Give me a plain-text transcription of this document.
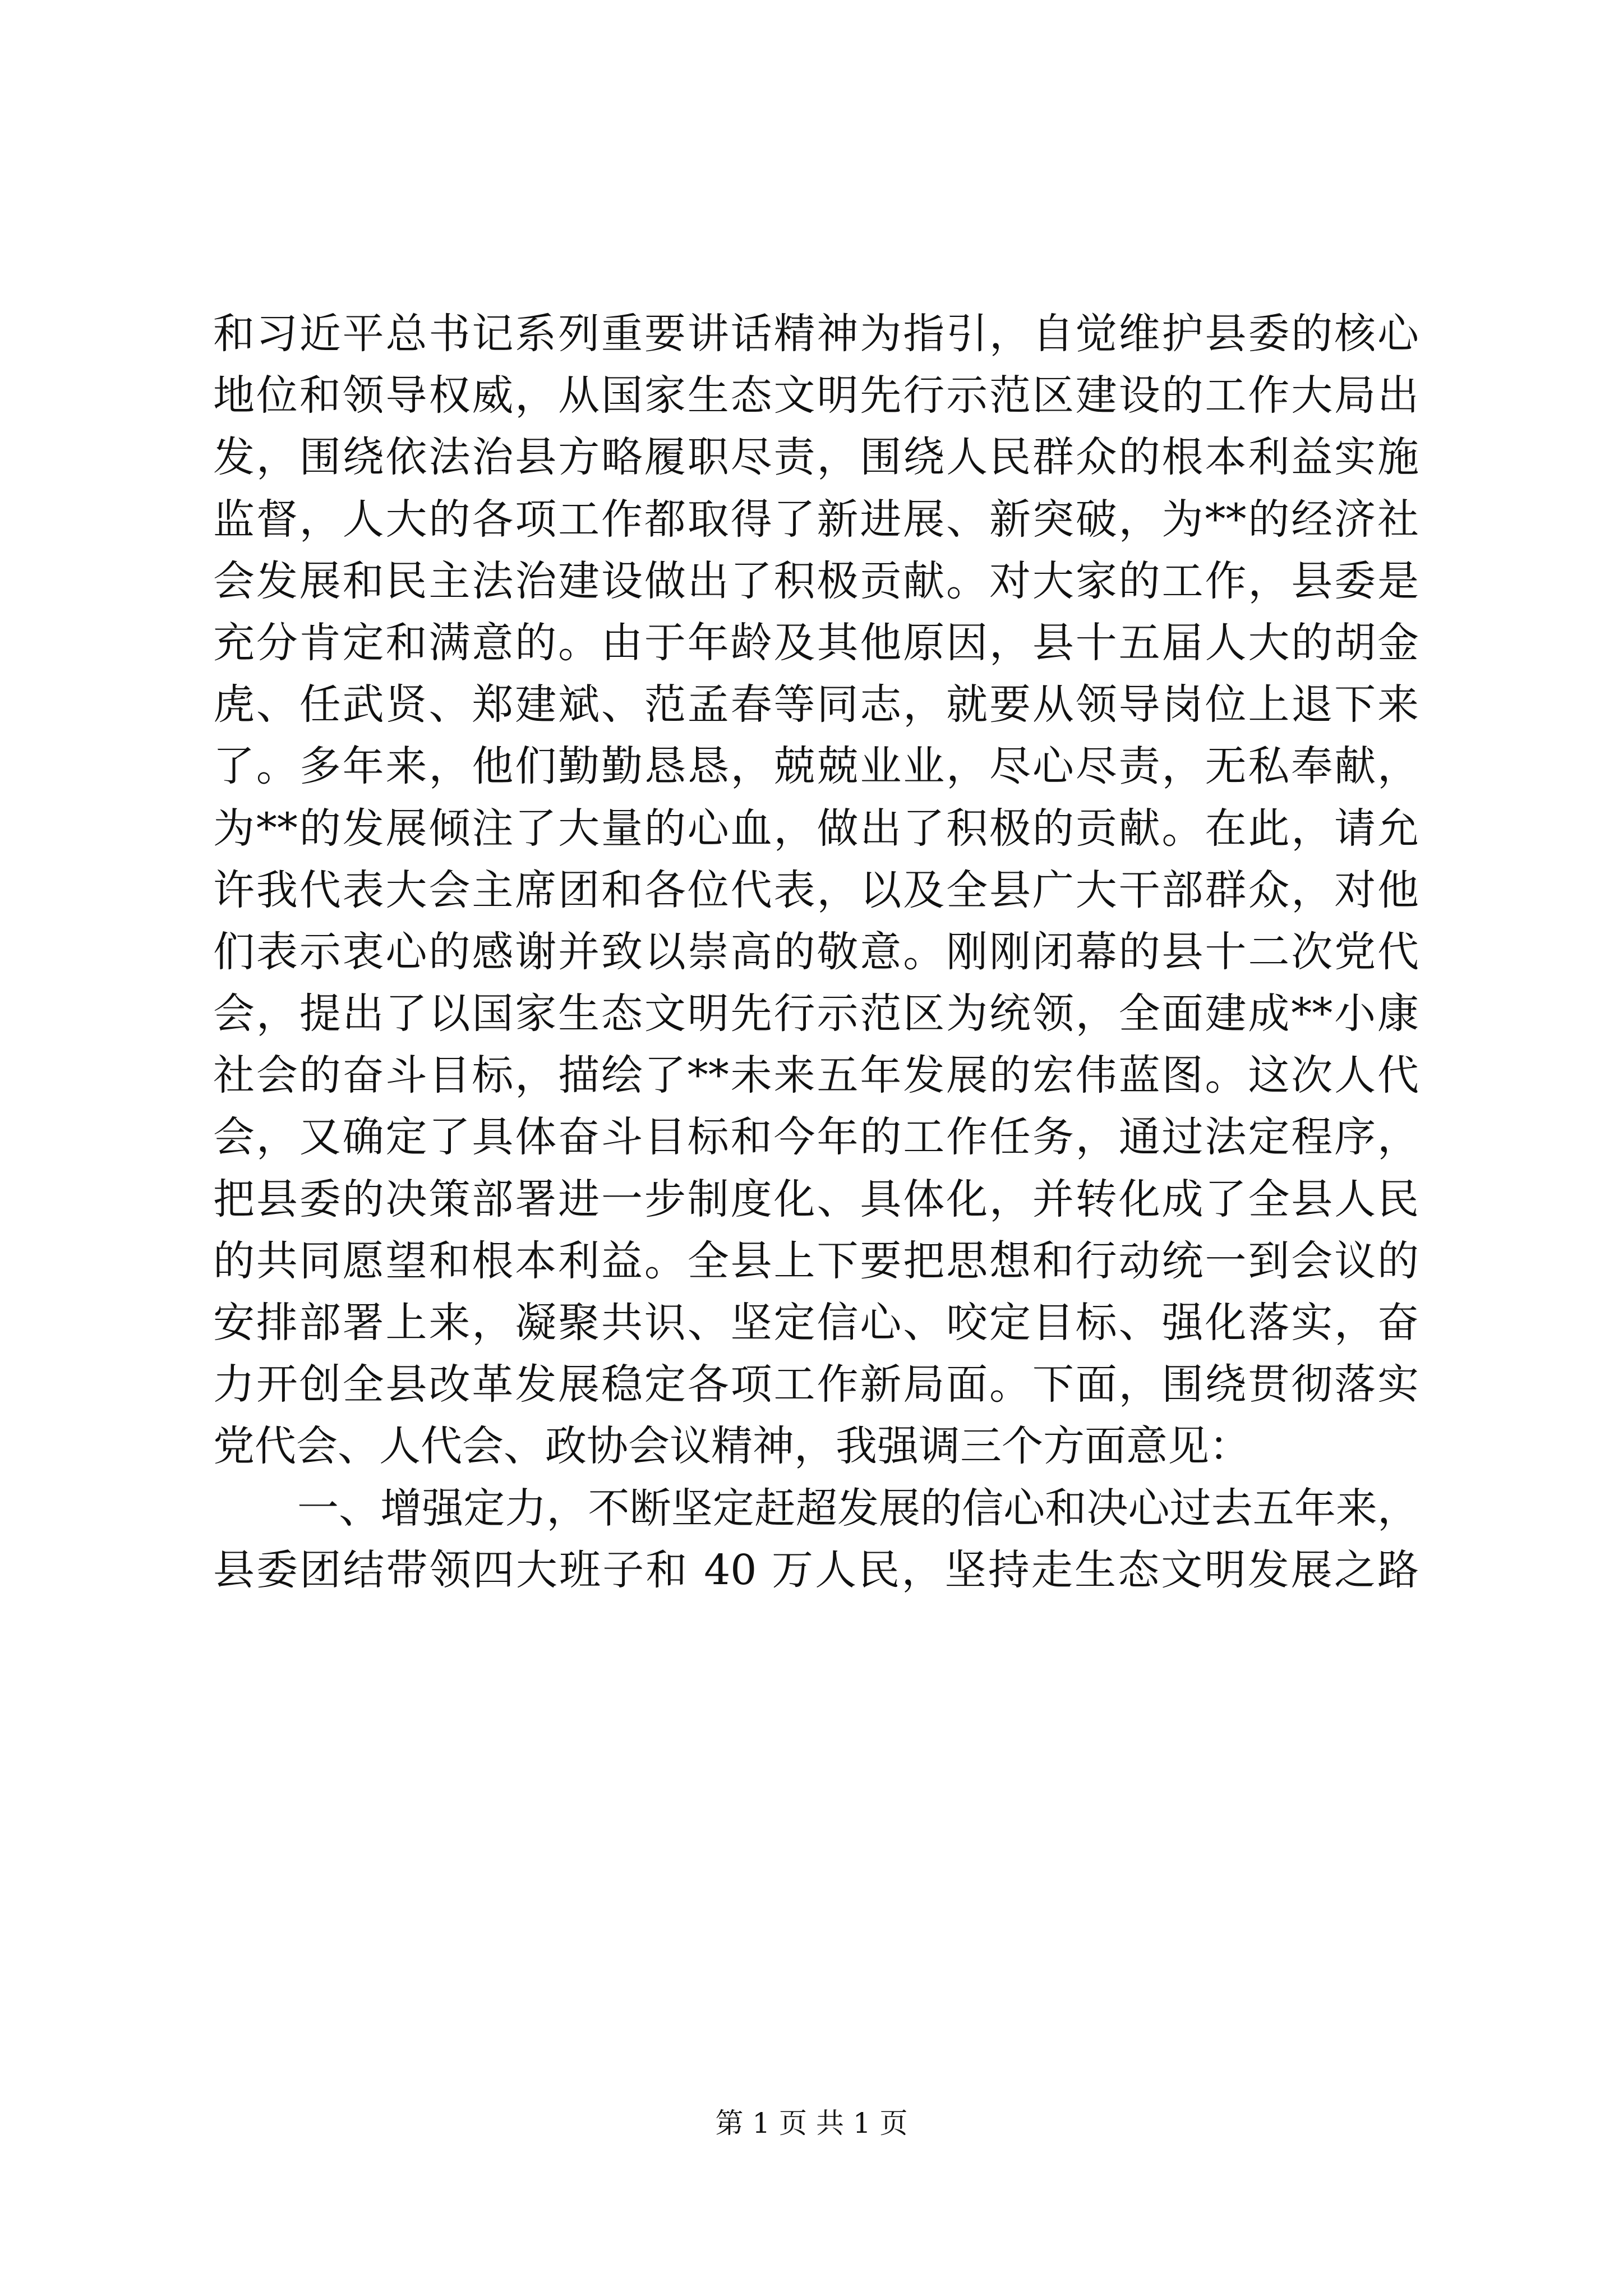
和习近平总书记系列重要讲话精神为指引，自觉维护县委的核心
地位和领导权威，从国家生态文明先行示范区建设的工作大局出
发，围绕依法治县方略履职尽责，围绕人民群众的根本利益实施
监督，人大的各项工作都取得了新进展、新突破，为**的经济社
会发展和民主法治建设做出了积极贡献。对大家的工作，县委是
充分肯定和满意的。由于年龄及其他原因，县十五届人大的胡金
虎、任武贤、郑建斌、范孟春等同志，就要从领导岗位上退下来
了。多年来，他们勤勤恳恳，兢兢业业，尽心尽责，无私奉献，
为**的发展倾注了大量的心血，做出了积极的贡献。在此，请允
许我代表大会主席团和各位代表，以及全县广大干部群众，对他
们表示衷心的感谢并致以崇高的敬意。刚刚闭幕的县十二次党代
会，提出了以国家生态文明先行示范区为统领，全面建成**小康
社会的奋斗目标，描绘了**未来五年发展的宏伟蓝图。这次人代
会，又确定了具体奋斗目标和今年的工作任务，通过法定程序，
把县委的决策部署进一步制度化、具体化，并转化成了全县人民
的共同愿望和根本利益。全县上下要把思想和行动统一到会议的
安排部署上来，凝聚共识、坚定信心、咬定目标、强化落实，奋
力开创全县改革发展稳定各项工作新局面。下面，围绕贯彻落实
党代会、人代会、政协会议精神，我强调三个方面意见：
一、增强定力，不断坚定赶超发展的信心和决心过去五年来，
县委团结带领四大班子和 40 万人民，坚持走生态文明发展之路
第 1 页 共 1 页
